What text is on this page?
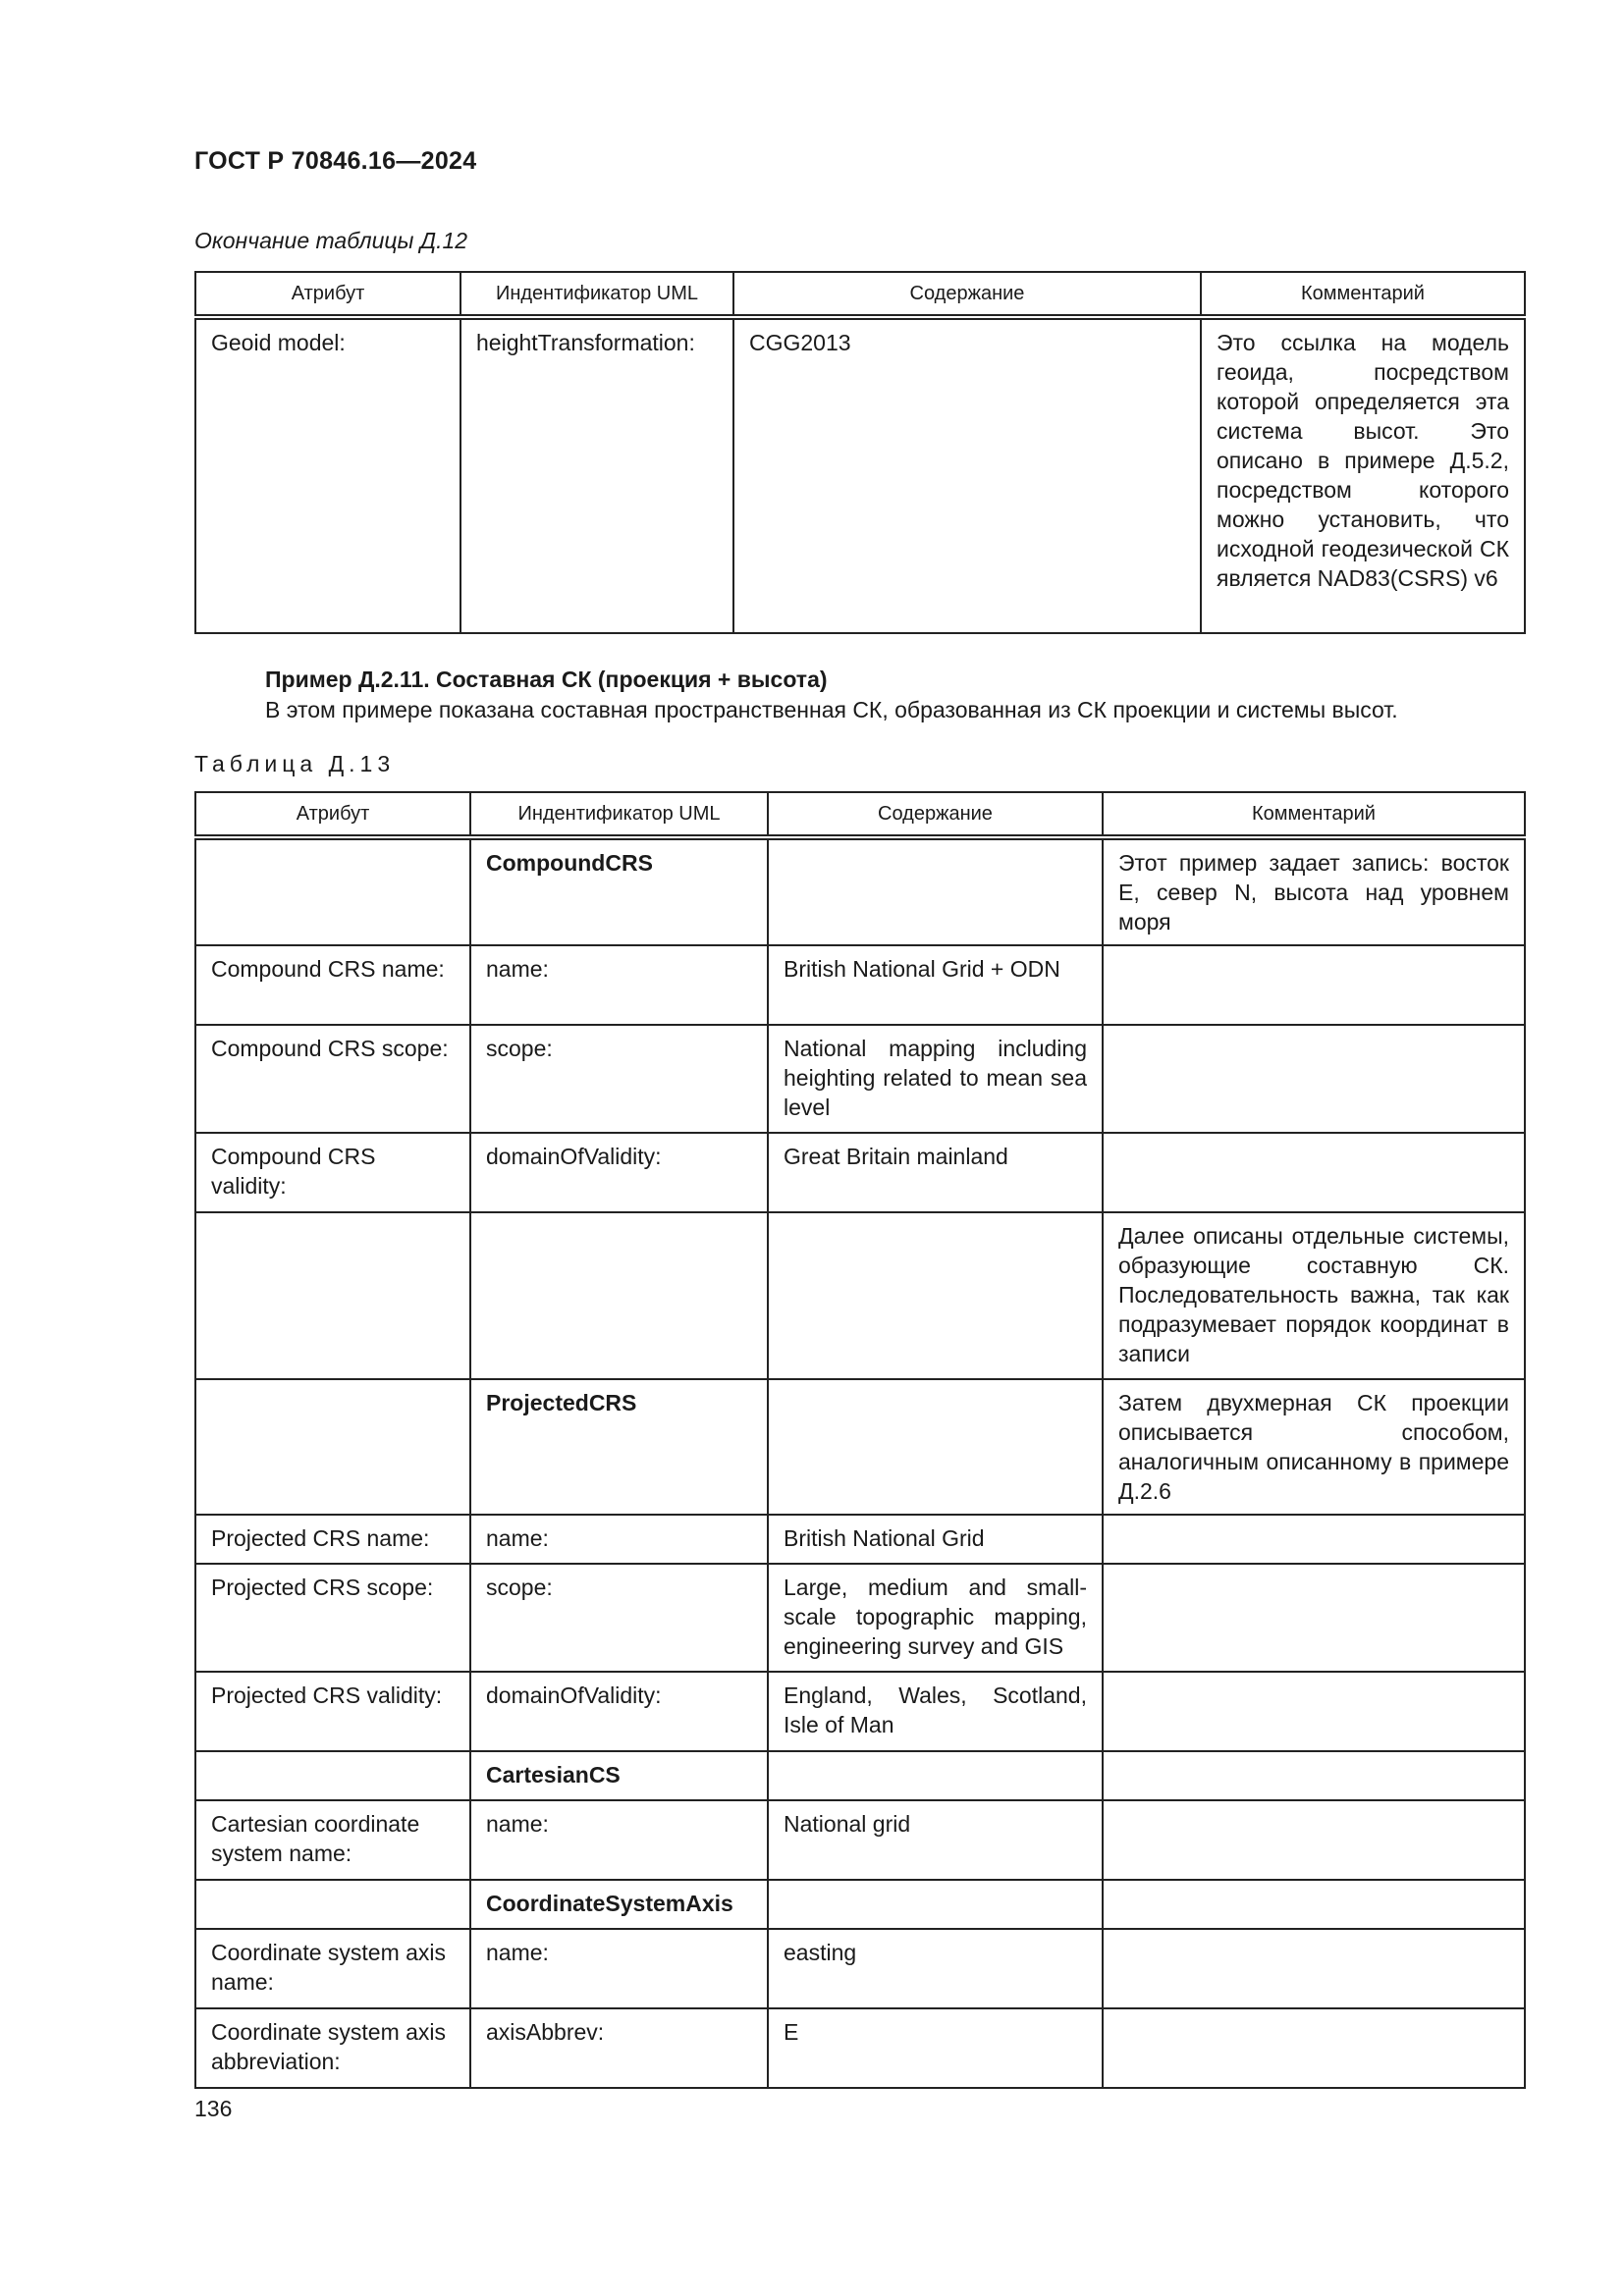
ГОСТ Р 70846.16—2024
Окончание таблицы Д.12
Атрибут	Индентификатор UML	Содержание	Комментарий
Geoid model:	heightTransformation:	CGG2013	Это ссылка на модель геоида, посредством которой определяется эта система высот. Это описано в примере Д.5.2, посредством которого можно установить, что исходной геодезической СК является NAD83(CSRS) v6
Пример Д.2.11. Составная СК (проекция + высота)
В этом примере показана составная пространственная СК, образованная из СК проекции и системы высот.
Таблица Д.13
Атрибут	Индентификатор UML	Содержание	Комментарий
	CompoundCRS		Этот пример задает запись: восток E, север N, высота над уровнем моря
Compound CRS name:	name:	British National Grid + ODN	
Compound CRS scope:	scope:	National mapping including heighting related to mean sea level	
Compound CRS validity:	domainOfValidity:	Great Britain mainland	
			Далее описаны отдельные системы, образующие составную СК. Последовательность важна, так как подразумевает порядок координат в записи
	ProjectedCRS		Затем двухмерная СК проекции описывается способом, аналогичным описанному в примере Д.2.6
Projected CRS name:	name:	British National Grid	
Projected CRS scope:	scope:	Large, medium and small-scale topographic mapping, engineering survey and GIS	
Projected CRS validity:	domainOfValidity:	England, Wales, Scotland, Isle of Man	
	CartesianCS		
Cartesian coordinate system name:	name:	National grid	
	CoordinateSystemAxis		
Coordinate system axis name:	name:	easting	
Coordinate system axis abbreviation:	axisAbbrev:	E	
136
